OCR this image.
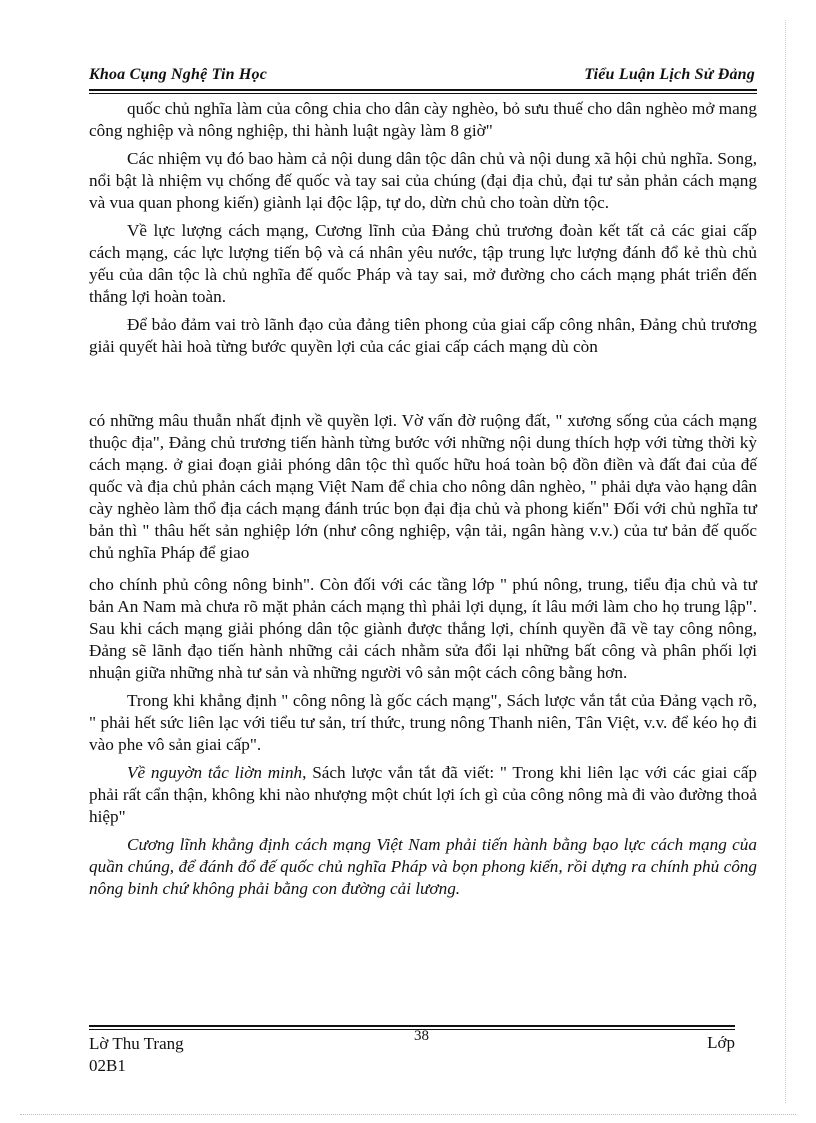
Khoa Cụng Nghệ Tin Học	Tiểu Luận Lịch Sử Đảng

quốc chủ nghĩa làm của công chia cho dân cày nghèo, bỏ sưu thuế cho dân nghèo mở mang công nghiệp và nông nghiệp, thi hành luật ngày làm 8 giờ"

Các nhiệm vụ đó bao hàm cả nội dung dân tộc dân chủ và nội dung xã hội chủ nghĩa. Song, nổi bật là nhiệm vụ chống đế quốc và tay sai của chúng (đại địa chủ, đại tư sản phản cách mạng và vua quan phong kiến) giành lại độc lập, tự do, dừn chủ cho toàn dừn tộc.

Về lực lượng cách mạng, Cương lĩnh của Đảng chủ trương đoàn kết tất cả các giai cấp cách mạng, các lực lượng tiến bộ và cá nhân yêu nước, tập trung lực lượng đánh đổ kẻ thù chủ yếu của dân tộc là chủ nghĩa đế quốc Pháp và tay sai, mở đường cho cách mạng phát triển đến thắng lợi hoàn toàn.

Để bảo đảm vai trò lãnh đạo của đảng tiên phong của giai cấp công nhân, Đảng chủ trương giải quyết hài hoà từng bước quyền lợi của các giai cấp cách mạng dù còn

có những mâu thuẫn nhất định về quyền lợi. Vờ vấn đờ ruộng đất, " xương sống của cách mạng thuộc địa", Đảng chủ trương tiến hành từng bước với những nội dung thích hợp với từng thời kỳ cách mạng. ở giai đoạn giải phóng dân tộc thì quốc hữu hoá toàn bộ đồn điền và đất đai của đế quốc và địa chủ phản cách mạng Việt Nam để chia cho nông dân nghèo, " phải dựa vào hạng dân cày nghèo làm thổ địa cách mạng đánh trúc bọn đại địa chủ và phong kiến" Đối với chủ nghĩa tư bản thì " thâu hết sản nghiệp lớn (như công nghiệp, vận tải, ngân hàng v.v.) của tư bản đế quốc chủ nghĩa Pháp để giao

cho chính phủ công nông binh". Còn đối với các tầng lớp " phú nông, trung, tiểu địa chủ và tư bản An Nam mà chưa rõ mặt phản cách mạng thì phải lợi dụng, ít lâu mới làm cho họ trung lập". Sau khi cách mạng giải phóng dân tộc giành được thắng lợi, chính quyền đã về tay công nông, Đảng sẽ lãnh đạo tiến hành những cải cách nhằm sửa đổi lại những bất công và phân phối lợi nhuận giữa những nhà tư sản và những người vô sản một cách công bằng hơn.

Trong khi khẳng định " công nông là gốc cách mạng", Sách lược vắn tắt của Đảng vạch rõ, " phải hết sức liên lạc với tiểu tư sản, trí thức, trung nông Thanh niên, Tân Việt, v.v. để kéo họ đi vào phe vô sản giai cấp".

Về nguyờn tắc liờn minh, Sách lược vắn tắt đã viết: " Trong khi liên lạc với các giai cấp phải rất cẩn thận, không khi nào nhượng một chút lợi ích gì của công nông mà đi vào đường thoả hiệp"

Cương lĩnh khẳng định cách mạng Việt Nam phải tiến hành bằng bạo lực cách mạng của quần chúng, để đánh đổ đế quốc chủ nghĩa Pháp và bọn phong kiến, rồi dựng ra chính phủ công nông binh chứ không phải bằng con đường cải lương.

Lờ Thu Trang
02B1
38	Lớp
